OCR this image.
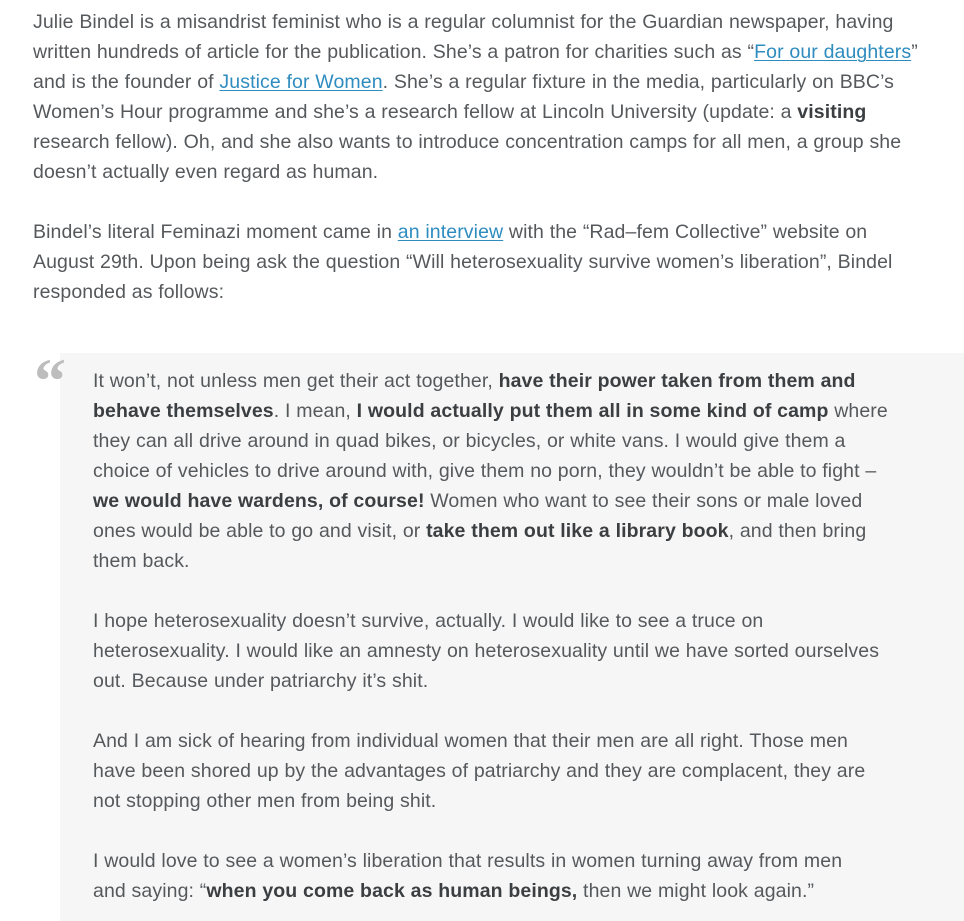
Julie Bindel is a misandrist feminist who is a regular columnist for the Guardian newspaper, having written hundreds of article for the publication. She’s a patron for charities such as “For our daughters” and is the founder of Justice for Women. She’s a regular fixture in the media, particularly on BBC’s Women’s Hour programme and she’s a research fellow at Lincoln University (update: a visiting research fellow). Oh, and she also wants to introduce concentration camps for all men, a group she doesn’t actually even regard as human.

Bindel’s literal Feminazi moment came in an interview with the “Rad–fem Collective” website on August 29th. Upon being ask the question “Will heterosexuality survive women’s liberation”, Bindel responded as follows:

“ It won’t, not unless men get their act together, have their power taken from them and behave themselves. I mean, I would actually put them all in some kind of camp where they can all drive around in quad bikes, or bicycles, or white vans. I would give them a choice of vehicles to drive around with, give them no porn, they wouldn’t be able to fight – we would have wardens, of course! Women who want to see their sons or male loved ones would be able to go and visit, or take them out like a library book, and then bring them back.

I hope heterosexuality doesn’t survive, actually. I would like to see a truce on heterosexuality. I would like an amnesty on heterosexuality until we have sorted ourselves out. Because under patriarchy it’s shit.

And I am sick of hearing from individual women that their men are all right. Those men have been shored up by the advantages of patriarchy and they are complacent, they are not stopping other men from being shit.

I would love to see a women’s liberation that results in women turning away from men and saying: “when you come back as human beings, then we might look again.”
